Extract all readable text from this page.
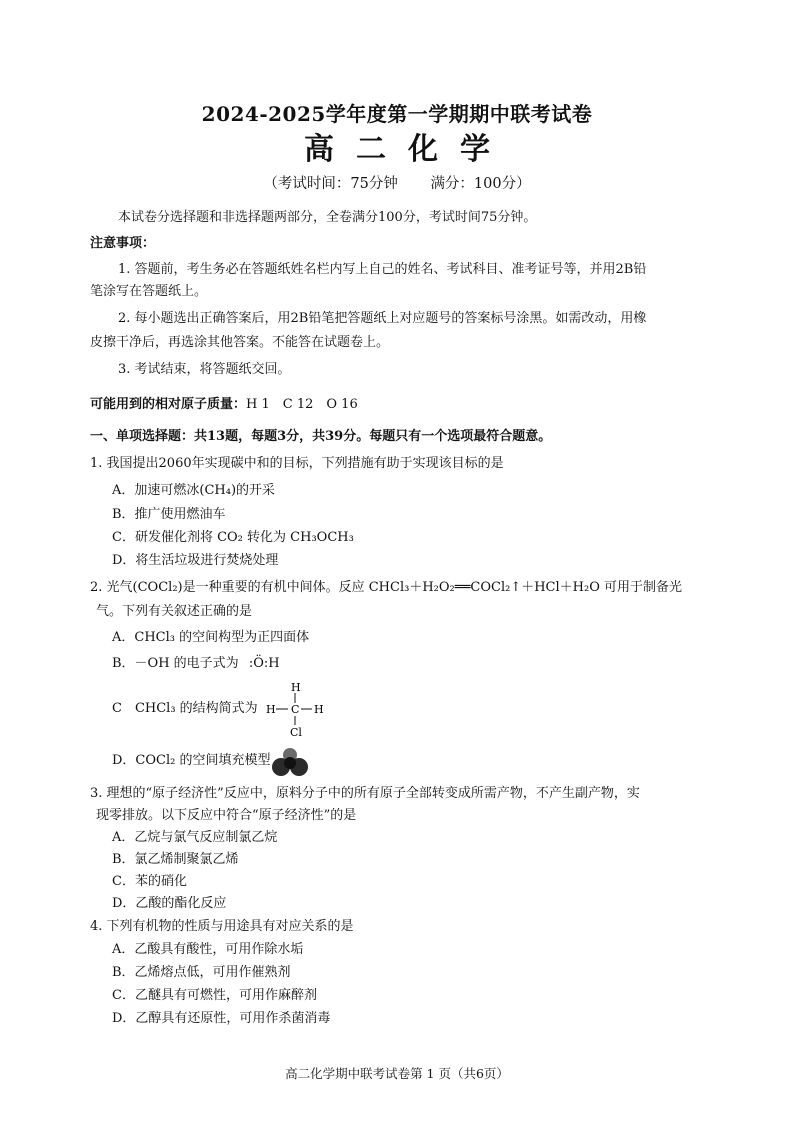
2024-2025学年度第一学期期中联考试卷
高二化学
（考试时间：75分钟 满分：100分）
本试卷分选择题和非选择题两部分，全卷满分100分，考试时间75分钟。
注意事项：
1. 答题前，考生务必在答题纸姓名栏内写上自己的姓名、考试科目、准考证号等，并用2B铅
笔涂写在答题纸上。
2. 每小题选出正确答案后，用2B铅笔把答题纸上对应题号的答案标号涂黑。如需改动，用橡
皮擦干净后，再选涂其他答案。不能答在试题卷上。
3. 考试结束，将答题纸交回。
可能用到的相对原子质量：H 1　C 12　O 16
一、单项选择题：共13题，每题3分，共39分。每题只有一个选项最符合题意。
1. 我国提出2060年实现碳中和的目标，下列措施有助于实现该目标的是
A．加速可燃冰(CH₄)的开采
B．推广使用燃油车
C．研发催化剂将 CO₂ 转化为 CH₃OCH₃
D．将生活垃圾进行焚烧处理
2. 光气(COCl₂)是一种重要的有机中间体。反应 CHCl₃＋H₂O₂══COCl₂↑＋HCl＋H₂O 可用于制备光
气。下列有关叙述正确的是
A．CHCl₃ 的空间构型为正四面体
B．－OH 的电子式为 :Ö:H
C　CHCl₃ 的结构简式为
H
H C H
Cl
D．COCl₂ 的空间填充模型
3. 理想的“原子经济性”反应中，原料分子中的所有原子全部转变成所需产物，不产生副产物，实
现零排放。以下反应中符合“原子经济性”的是
A．乙烷与氯气反应制氯乙烷
B．氯乙烯制聚氯乙烯
C．苯的硝化
D．乙酸的酯化反应
4. 下列有机物的性质与用途具有对应关系的是
A．乙酸具有酸性，可用作除水垢
B．乙烯熔点低，可用作催熟剂
C．乙醚具有可燃性，可用作麻醉剂
D．乙醇具有还原性，可用作杀菌消毒
高二化学期中联考试卷第 1 页（共6页）
